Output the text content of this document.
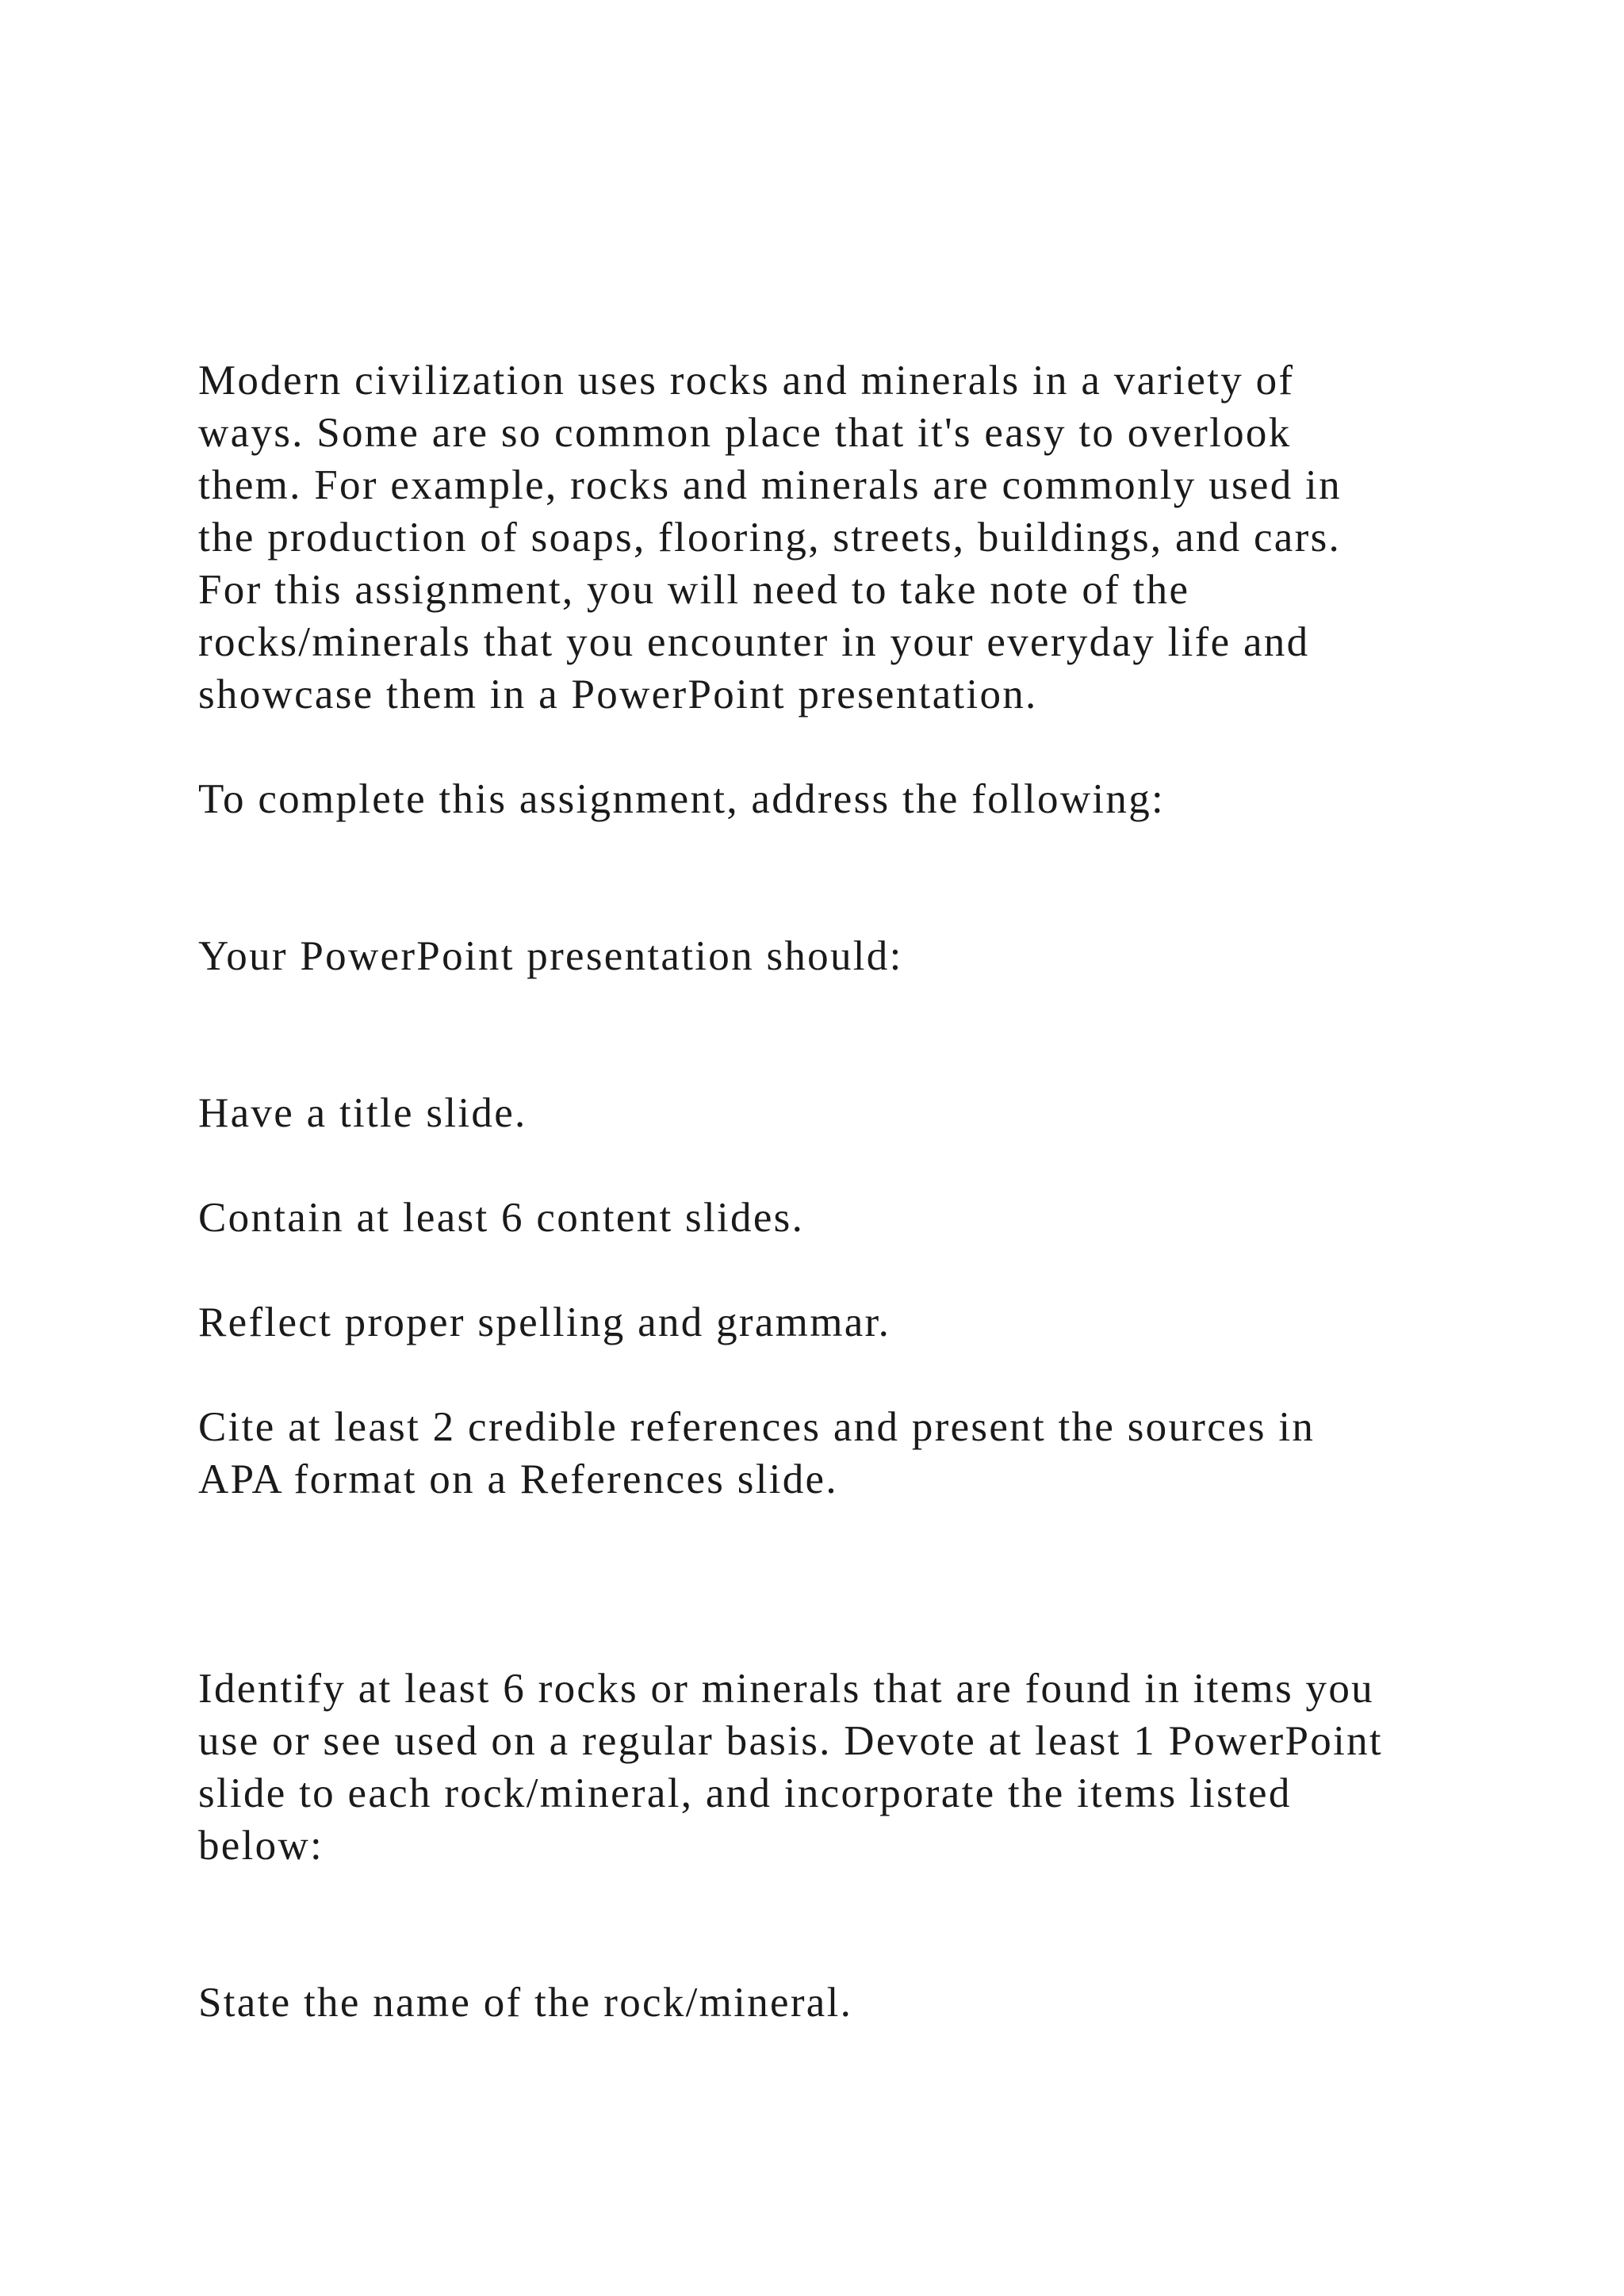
Modern civilization uses rocks and minerals in a variety of

ways. Some are so common place that it's easy to overlook

them. For example, rocks and minerals are commonly used in

the production of soaps, flooring, streets, buildings, and cars.

For this assignment, you will need to take note of the

rocks/minerals that you encounter in your everyday life and

showcase them in a PowerPoint presentation.

To complete this assignment, address the following:

Your PowerPoint presentation should:

Have a title slide.

Contain at least 6 content slides.

Reflect proper spelling and grammar.

Cite at least 2 credible references and present the sources in

APA format on a References slide.

Identify at least 6 rocks or minerals that are found in items you

use or see used on a regular basis. Devote at least 1 PowerPoint

slide to each rock/mineral, and incorporate the items listed

below:

State the name of the rock/mineral.
